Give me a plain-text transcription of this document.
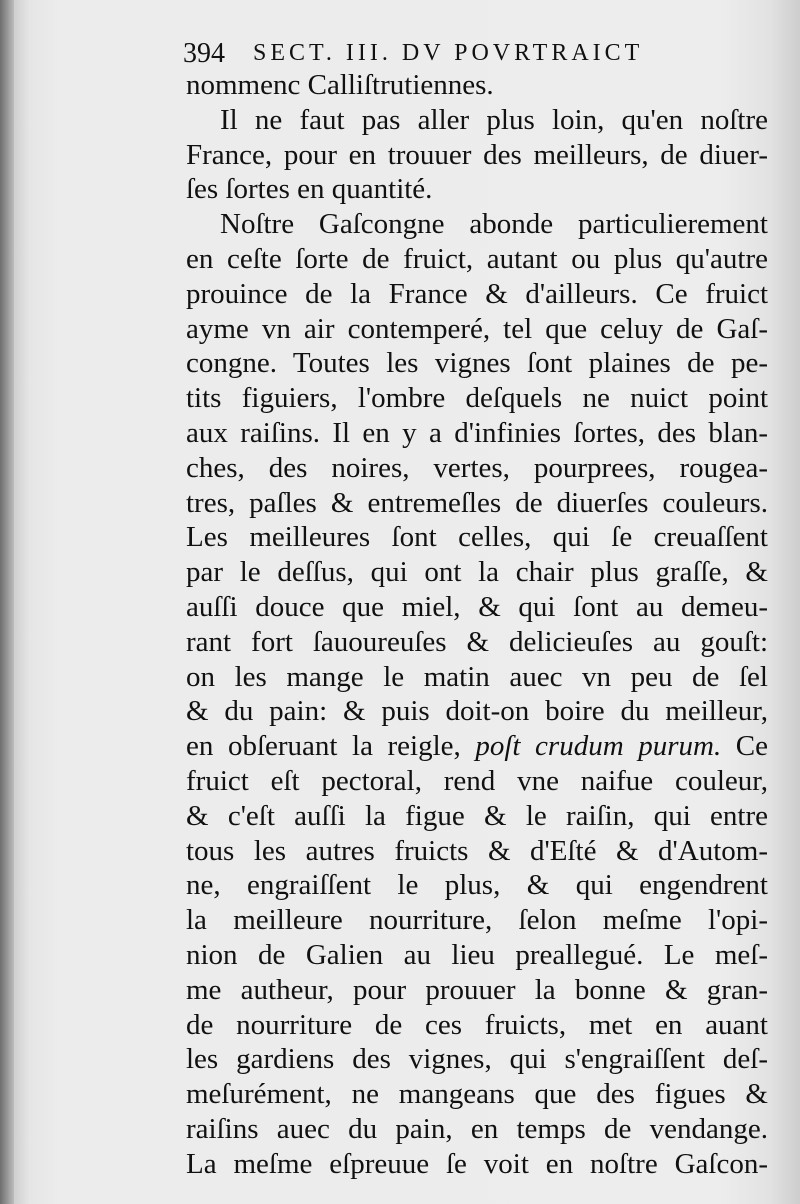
394 SECT. III. DV POVRTRAICT
nommenc Calliſtrutiennes.
Il ne faut pas aller plus loin, qu'en noſtre
France, pour en trouuer des meilleurs, de diuer-
ſes ſortes en quantité.
Noſtre Gaſcongne abonde particulierement
en ceſte ſorte de fruict, autant ou plus qu'autre
prouince de la France & d'ailleurs. Ce fruict
ayme vn air contemperé, tel que celuy de Gaſ-
congne. Toutes les vignes ſont plaines de pe-
tits figuiers, l'ombre deſquels ne nuict point
aux raiſins. Il en y a d'infinies ſortes, des blan-
ches, des noires, vertes, pourprees, rougea-
tres, paſles & entremeſles de diuerſes couleurs.
Les meilleures ſont celles, qui ſe creuaſſent
par le deſſus, qui ont la chair plus graſſe, &
auſſi douce que miel, & qui ſont au demeu-
rant fort ſauoureuſes & delicieuſes au gouſt:
on les mange le matin auec vn peu de ſel
& du pain: & puis doit-on boire du meilleur,
en obſeruant la reigle, poſt crudum purum. Ce
fruict eſt pectoral, rend vne naifue couleur,
& c'eſt auſſi la figue & le raiſin, qui entre
tous les autres fruicts & d'Eſté & d'Autom-
ne, engraiſſent le plus, & qui engendrent
la meilleure nourriture, ſelon meſme l'opi-
nion de Galien au lieu preallegué. Le meſ-
me autheur, pour prouuer la bonne & gran-
de nourriture de ces fruicts, met en auant
les gardiens des vignes, qui s'engraiſſent deſ-
meſurément, ne mangeans que des figues &
raiſins auec du pain, en temps de vendange.
La meſme eſpreuue ſe voit en noſtre Gaſcon-
